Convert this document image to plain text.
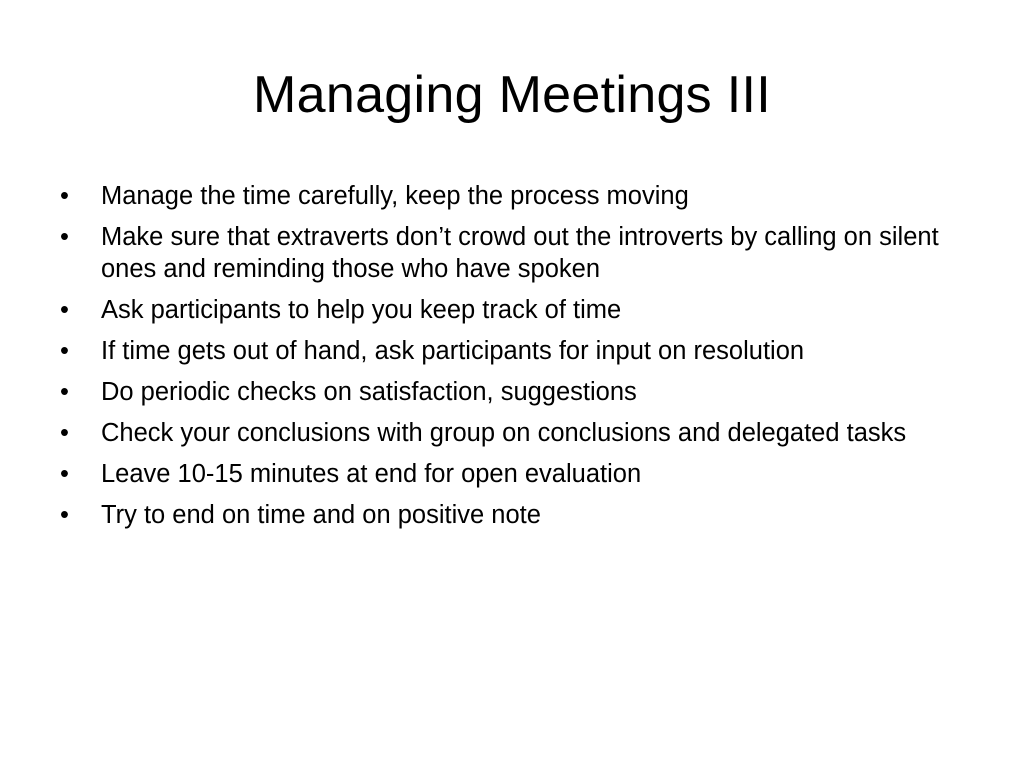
Managing Meetings III
•	Manage the time carefully, keep the process moving
•	Make sure that extraverts don’t crowd out the introverts by calling on silent ones and reminding those who have spoken
•	Ask participants to help you keep track of time
•	If time gets out of hand, ask participants for input on resolution
•	Do periodic checks on satisfaction, suggestions
•	Check your conclusions with group on conclusions and delegated tasks
•	Leave 10-15 minutes at end for open evaluation
•	Try to end on time and on positive note
